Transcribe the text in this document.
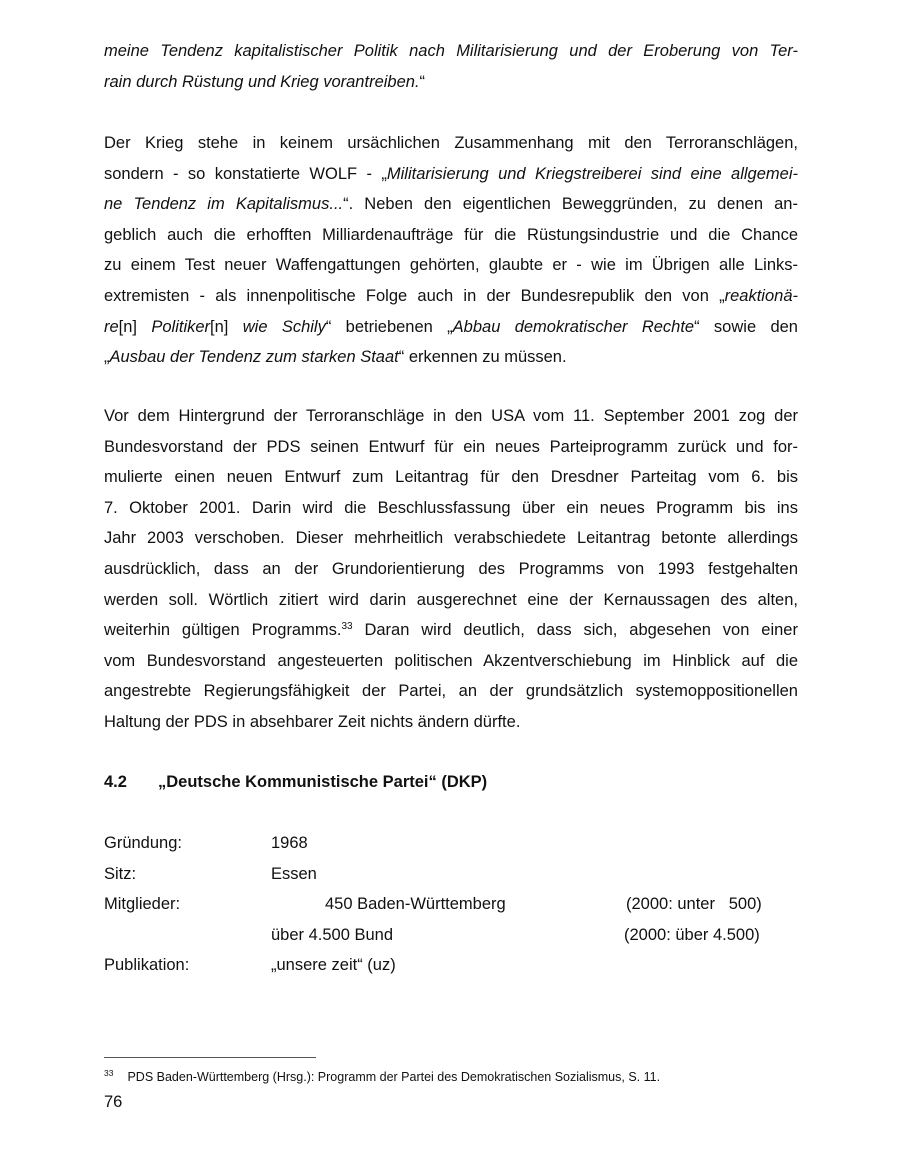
meine Tendenz kapitalistischer Politik nach Militarisierung und der Eroberung von Ter-
rain durch Rüstung und Krieg vorantreiben.“
Der Krieg stehe in keinem ursächlichen Zusammenhang mit den Terroranschlägen,
sondern - so konstatierte WOLF - „Militarisierung und Kriegstreiberei sind eine allgemei-
ne Tendenz im Kapitalismus...“. Neben den eigentlichen Beweggründen, zu denen an-
geblich auch die erhofften Milliardenaufträge für die Rüstungsindustrie und die Chance
zu einem Test neuer Waffengattungen gehörten, glaubte er - wie im Übrigen alle Links-
extremisten - als innenpolitische Folge auch in der Bundesrepublik den von „reaktionä-
re[n] Politiker[n] wie Schily“ betriebenen „Abbau demokratischer Rechte“ sowie den
„Ausbau der Tendenz zum starken Staat“ erkennen zu müssen.
Vor dem Hintergrund der Terroranschläge in den USA vom 11. September 2001 zog der
Bundesvorstand der PDS seinen Entwurf für ein neues Parteiprogramm zurück und for-
mulierte einen neuen Entwurf zum Leitantrag für den Dresdner Parteitag vom 6. bis
7. Oktober 2001. Darin wird die Beschlussfassung über ein neues Programm bis ins
Jahr 2003 verschoben. Dieser mehrheitlich verabschiedete Leitantrag betonte allerdings
ausdrücklich, dass an der Grundorientierung des Programms von 1993 festgehalten
werden soll. Wörtlich zitiert wird darin ausgerechnet eine der Kernaussagen des alten,
weiterhin gültigen Programms.$^{33}$ Daran wird deutlich, dass sich, abgesehen von einer
vom Bundesvorstand angesteuerten politischen Akzentverschiebung im Hinblick auf die
angestrebte Regierungsfähigkeit der Partei, an der grundsätzlich systemoppositionellen
Haltung der PDS in absehbarer Zeit nichts ändern dürfte.
4.2 „Deutsche Kommunistische Partei“ (DKP)
Gründung:	1968
Sitz:	Essen
Mitglieder:	450 Baden-Württemberg	(2000: unter   500)
über 4.500 Bund	(2000: über 4.500)
Publikation:	„unsere zeit“ (uz)
$^{33}$ PDS Baden-Württemberg (Hrsg.): Programm der Partei des Demokratischen Sozialismus, S. 11.
76
